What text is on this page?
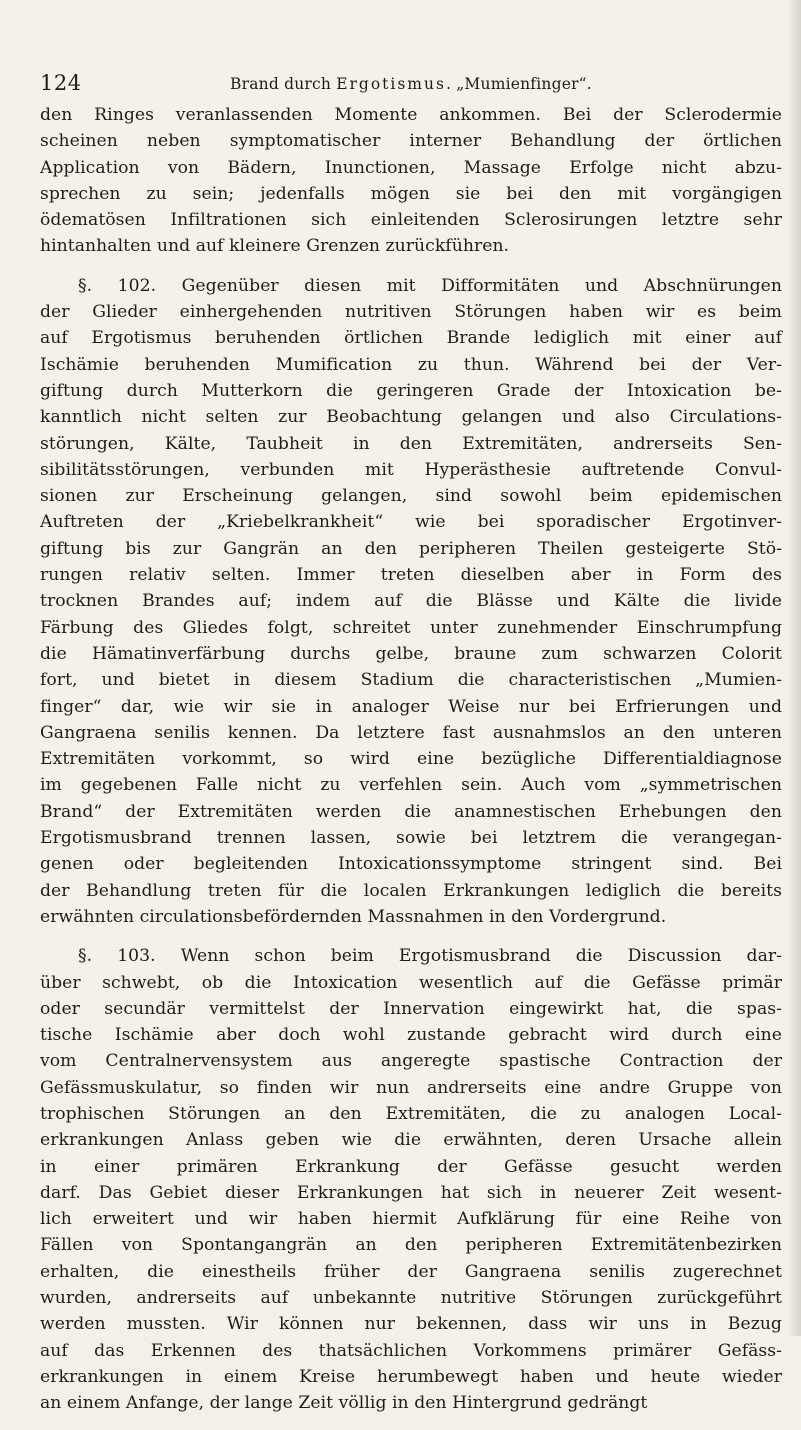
124	Brand durch Ergotismus. „Mumienfinger“.
den Ringes veranlassenden Momente ankommen. Bei der Sclerodermie
scheinen neben symptomatischer interner Behandlung der örtlichen
Application von Bädern, Inunctionen, Massage Erfolge nicht abzu-
sprechen zu sein; jedenfalls mögen sie bei den mit vorgängigen
ödematösen Infiltrationen sich einleitenden Sclerosirungen letztre sehr
hintanhalten und auf kleinere Grenzen zurückführen.
§. 102. Gegenüber diesen mit Difformitäten und Abschnürungen
der Glieder einhergehenden nutritiven Störungen haben wir es beim
auf Ergotismus beruhenden örtlichen Brande lediglich mit einer auf
Ischämie beruhenden Mumification zu thun. Während bei der Ver-
giftung durch Mutterkorn die geringeren Grade der Intoxication be-
kanntlich nicht selten zur Beobachtung gelangen und also Circulations-
störungen, Kälte, Taubheit in den Extremitäten, andrerseits Sen-
sibilitätsstörungen, verbunden mit Hyperästhesie auftretende Convul-
sionen zur Erscheinung gelangen, sind sowohl beim epidemischen
Auftreten der „Kriebelkrankheit“ wie bei sporadischer Ergotinver-
giftung bis zur Gangrän an den peripheren Theilen gesteigerte Stö-
rungen relativ selten. Immer treten dieselben aber in Form des
trocknen Brandes auf; indem auf die Blässe und Kälte die livide
Färbung des Gliedes folgt, schreitet unter zunehmender Einschrumpfung
die Hämatinverfärbung durchs gelbe, braune zum schwarzen Colorit
fort, und bietet in diesem Stadium die characteristischen „Mumien-
finger“ dar, wie wir sie in analoger Weise nur bei Erfrierungen und
Gangraena senilis kennen. Da letztere fast ausnahmslos an den unteren
Extremitäten vorkommt, so wird eine bezügliche Differentialdiagnose
im gegebenen Falle nicht zu verfehlen sein. Auch vom „symmetrischen
Brand“ der Extremitäten werden die anamnestischen Erhebungen den
Ergotismusbrand trennen lassen, sowie bei letztrem die verangegan-
genen oder begleitenden Intoxicationssymptome stringent sind. Bei
der Behandlung treten für die localen Erkrankungen lediglich die bereits
erwähnten circulationsbefördernden Massnahmen in den Vordergrund.
§. 103. Wenn schon beim Ergotismusbrand die Discussion dar-
über schwebt, ob die Intoxication wesentlich auf die Gefässe primär
oder secundär vermittelst der Innervation eingewirkt hat, die spas-
tische Ischämie aber doch wohl zustande gebracht wird durch eine
vom Centralnervensystem aus angeregte spastische Contraction der
Gefässmuskulatur, so finden wir nun andrerseits eine andre Gruppe von
trophischen Störungen an den Extremitäten, die zu analogen Local-
erkrankungen Anlass geben wie die erwähnten, deren Ursache allein
in einer primären Erkrankung der Gefässe gesucht werden
darf. Das Gebiet dieser Erkrankungen hat sich in neuerer Zeit wesent-
lich erweitert und wir haben hiermit Aufklärung für eine Reihe von
Fällen von Spontangangrän an den peripheren Extremitätenbezirken
erhalten, die einestheils früher der Gangraena senilis zugerechnet
wurden, andrerseits auf unbekannte nutritive Störungen zurückgeführt
werden mussten. Wir können nur bekennen, dass wir uns in Bezug
auf das Erkennen des thatsächlichen Vorkommens primärer Gefäss-
erkrankungen in einem Kreise herumbewegt haben und heute wieder
an einem Anfange, der lange Zeit völlig in den Hintergrund gedrängt
